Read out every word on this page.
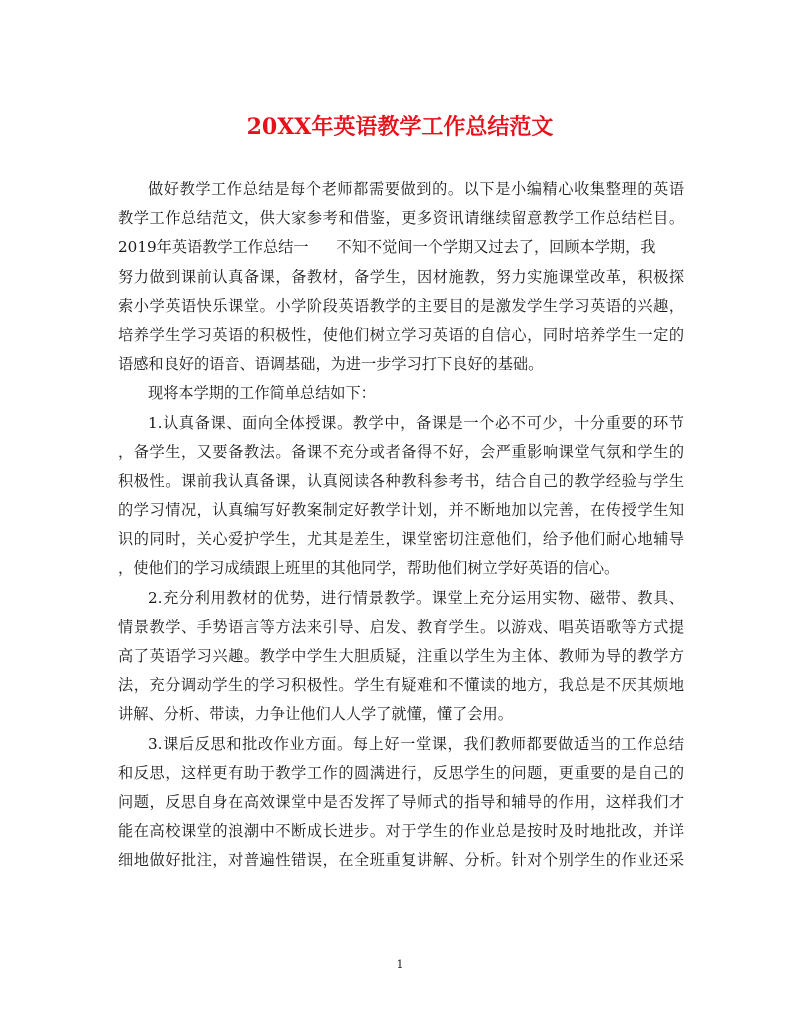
20XX年英语教学工作总结范文

做好教学工作总结是每个老师都需要做到的。以下是小编精心收集整理的英语

教学工作总结范文，供大家参考和借鉴，更多资讯请继续留意教学工作总结栏目。

2019年英语教学工作总结一 不知不觉间一个学期又过去了，回顾本学期，我

努力做到课前认真备课，备教材，备学生，因材施教，努力实施课堂改革，积极探

索小学英语快乐课堂。小学阶段英语教学的主要目的是激发学生学习英语的兴趣，

培养学生学习英语的积极性，使他们树立学习英语的自信心，同时培养学生一定的

语感和良好的语音、语调基础，为进一步学习打下良好的基础。

现将本学期的工作简单总结如下：

1.认真备课、面向全体授课。教学中，备课是一个必不可少，十分重要的环节

，备学生，又要备教法。备课不充分或者备得不好，会严重影响课堂气氛和学生的

积极性。课前我认真备课，认真阅读各种教科参考书，结合自己的教学经验与学生

的学习情况，认真编写好教案制定好教学计划，并不断地加以完善，在传授学生知

识的同时，关心爱护学生，尤其是差生，课堂密切注意他们，给予他们耐心地辅导

，使他们的学习成绩跟上班里的其他同学，帮助他们树立学好英语的信心。

2.充分利用教材的优势，进行情景教学。课堂上充分运用实物、磁带、教具、

情景教学、手势语言等方法来引导、启发、教育学生。以游戏、唱英语歌等方式提

高了英语学习兴趣。教学中学生大胆质疑，注重以学生为主体、教师为导的教学方

法，充分调动学生的学习积极性。学生有疑难和不懂读的地方，我总是不厌其烦地

讲解、分析、带读，力争让他们人人学了就懂，懂了会用。

3.课后反思和批改作业方面。每上好一堂课，我们教师都要做适当的工作总结

和反思，这样更有助于教学工作的圆满进行，反思学生的问题，更重要的是自己的

问题，反思自身在高效课堂中是否发挥了导师式的指导和辅导的作用，这样我们才

能在高校课堂的浪潮中不断成长进步。对于学生的作业总是按时及时地批改，并详

细地做好批注，对普遍性错误，在全班重复讲解、分析。针对个别学生的作业还采

1
